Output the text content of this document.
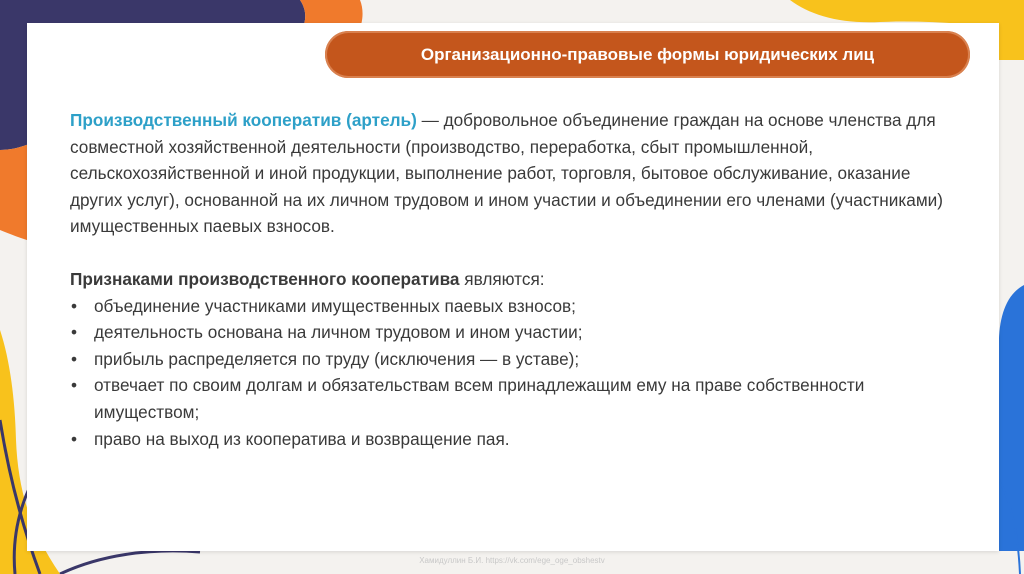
Организационно-правовые формы юридических лиц

Производственный кооператив (артель) — добровольное объединение граждан на основе членства для совместной хозяйственной деятельности (производство, переработка, сбыт промышленной, сельскохозяйственной и иной продукции, выполнение работ, торговля, бытовое обслуживание, оказание других услуг), основанной на их личном трудовом и ином участии и объединении его членами (участниками) имущественных паевых взносов.

Признаками производственного кооператива являются:

• объединение участниками имущественных паевых взносов;
• деятельность основана на личном трудовом и ином участии;
• прибыль распределяется по труду (исключения — в уставе);
• отвечает по своим долгам и обязательствам всем принадлежащим ему на праве собственности имуществом;
• право на выход из кооператива и возвращение пая.
Хамидуллин Б.И. https://vk.com/ege_oge_obshestv
